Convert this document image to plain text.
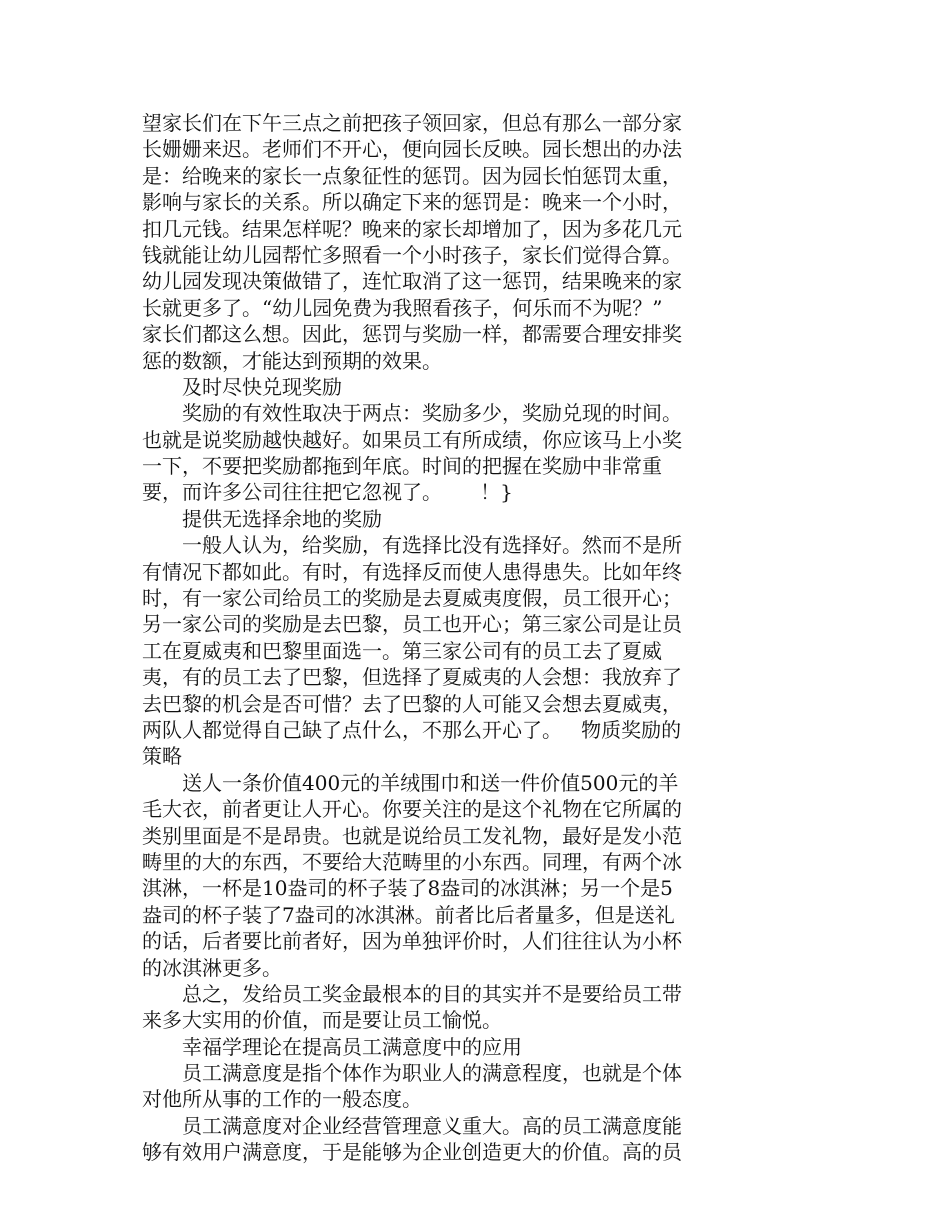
望家长们在下午三点之前把孩子领回家，但总有那么一部分家
长姗姗来迟。老师们不开心，便向园长反映。园长想出的办法
是：给晚来的家长一点象征性的惩罚。因为园长怕惩罚太重，
影响与家长的关系。所以确定下来的惩罚是：晚来一个小时，
扣几元钱。结果怎样呢？晚来的家长却增加了，因为多花几元
钱就能让幼儿园帮忙多照看一个小时孩子，家长们觉得合算。
幼儿园发现决策做错了，连忙取消了这一惩罚，结果晚来的家
长就更多了。“幼儿园免费为我照看孩子，何乐而不为呢？”
家长们都这么想。因此，惩罚与奖励一样，都需要合理安排奖
惩的数额，才能达到预期的效果。
及时尽快兑现奖励
奖励的有效性取决于两点：奖励多少，奖励兑现的时间。
也就是说奖励越快越好。如果员工有所成绩，你应该马上小奖
一下，不要把奖励都拖到年底。时间的把握在奖励中非常重
要，而许多公司往往把它忽视了。      ！}
提供无选择余地的奖励
一般人认为，给奖励，有选择比没有选择好。然而不是所
有情况下都如此。有时，有选择反而使人患得患失。比如年终
时，有一家公司给员工的奖励是去夏威夷度假，员工很开心；
另一家公司的奖励是去巴黎，员工也开心；第三家公司是让员
工在夏威夷和巴黎里面选一。第三家公司有的员工去了夏威
夷，有的员工去了巴黎，但选择了夏威夷的人会想：我放弃了
去巴黎的机会是否可惜？去了巴黎的人可能又会想去夏威夷，
两队人都觉得自己缺了点什么，不那么开心了。   物质奖励的
策略
送人一条价值400元的羊绒围巾和送一件价值500元的羊
毛大衣，前者更让人开心。你要关注的是这个礼物在它所属的
类别里面是不是昂贵。也就是说给员工发礼物，最好是发小范
畴里的大的东西，不要给大范畴里的小东西。同理，有两个冰
淇淋，一杯是10盎司的杯子装了8盎司的冰淇淋；另一个是5
盎司的杯子装了7盎司的冰淇淋。前者比后者量多，但是送礼
的话，后者要比前者好，因为单独评价时，人们往往认为小杯
的冰淇淋更多。
总之，发给员工奖金最根本的目的其实并不是要给员工带
来多大实用的价值，而是要让员工愉悦。
幸福学理论在提高员工满意度中的应用
员工满意度是指个体作为职业人的满意程度，也就是个体
对他所从事的工作的一般态度。
员工满意度对企业经营管理意义重大。高的员工满意度能
够有效用户满意度，于是能够为企业创造更大的价值。高的员
